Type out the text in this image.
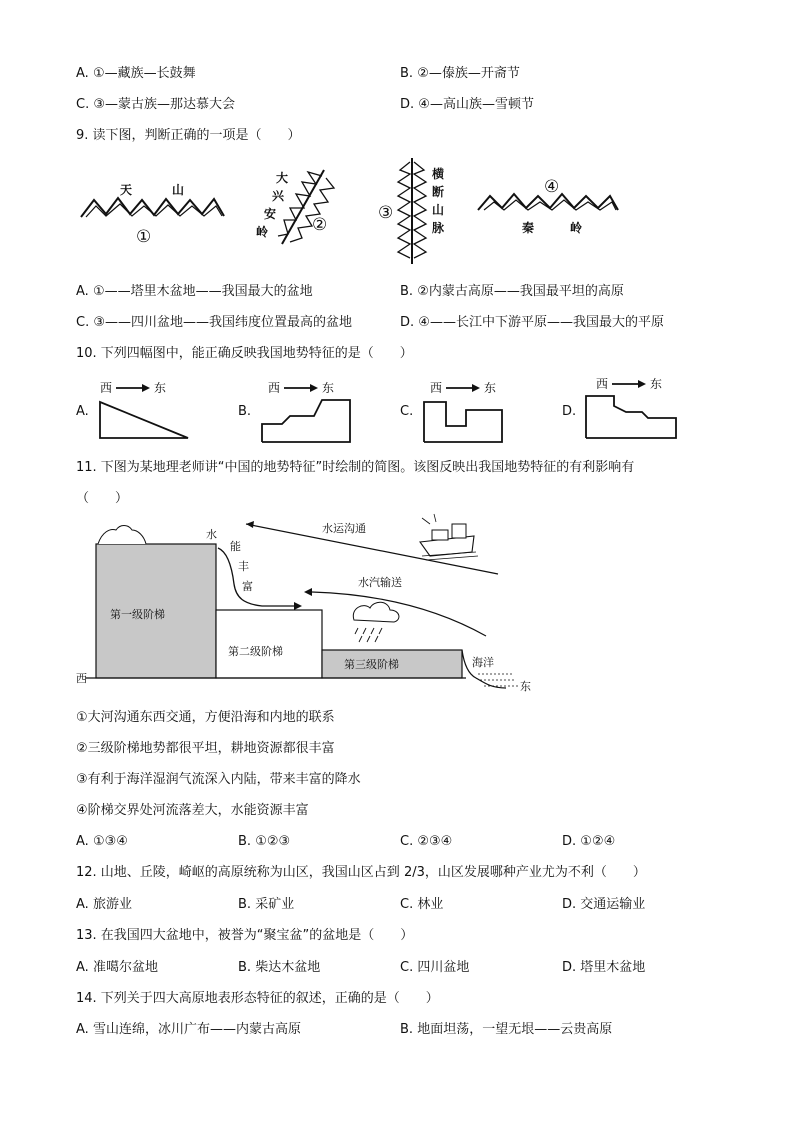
A. ①—藏族—长鼓舞	B. ②—傣族—开斋节
C. ③—蒙古族—那达慕大会	D. ④—高山族—雪顿节
9. 读下图，判断正确的一项是（　　）
天	山
①
大
兴
安
岭	②
横
断
山
脉
③
④
秦	岭
A. ①——塔里木盆地——我国最大的盆地	B. ②内蒙古高原——我国最平坦的高原
C. ③——四川盆地——我国纬度位置最高的盆地	D. ④——长江中下游平原——我国最大的平原
10. 下列四幅图中，能正确反映我国地势特征的是（　　）
A.
西	东
B.
西	东
C.
西	东
D.
西	东
11. 下图为某地理老师讲“中国的地势特征”时绘制的简图。该图反映出我国地势特征的有利影响有
（　　）
第一级阶梯
第二级阶梯
第三级阶梯	海洋
西
东
水
能
丰
富
水运沟通
水汽输送
①大河沟通东西交通，方便沿海和内地的联系
②三级阶梯地势都很平坦，耕地资源都很丰富
③有利于海洋湿润气流深入内陆，带来丰富的降水
④阶梯交界处河流落差大，水能资源丰富
A. ①③④	B. ①②③	C. ②③④	D. ①②④
12. 山地、丘陵，崎岖的高原统称为山区，我国山区占到 2/3，山区发展哪种产业尤为不利（　　）
A. 旅游业	B. 采矿业	C. 林业	D. 交通运输业
13. 在我国四大盆地中，被誉为“聚宝盆”的盆地是（　　）
A. 准噶尔盆地	B. 柴达木盆地	C. 四川盆地	D. 塔里木盆地
14. 下列关于四大高原地表形态特征的叙述，正确的是（　　）
A. 雪山连绵，冰川广布——内蒙古高原	B. 地面坦荡，一望无垠——云贵高原
